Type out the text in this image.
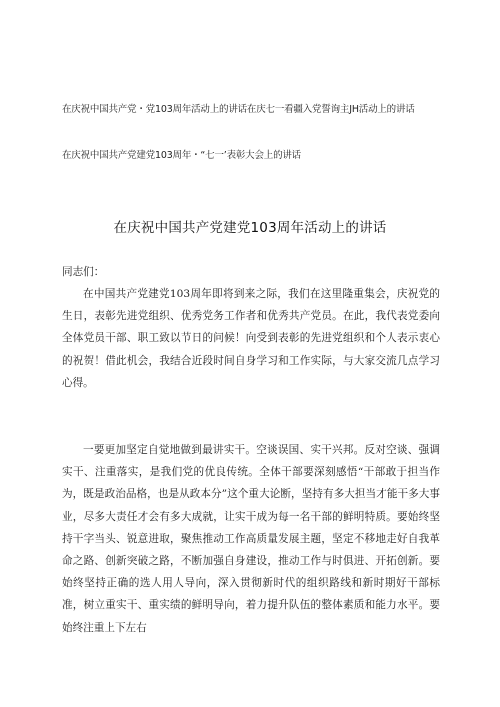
在庆祝中国共产党・党103周年活动上的讲话在庆七一看疆入党誓询主JH活动上的讲话
在庆祝中国共产党建党103周年・“七一’表彰大会上的讲话
在庆祝中国共产党建党103周年活动上的讲话
同志们：
在中国共产党建党103周年即将到来之际，我们在这里隆重集会，庆祝党的生日，表彰先进党组织、优秀党务工作者和优秀共产党员。在此，我代表党委向全体党员干部、职工致以节日的问候！向受到表彰的先进党组织和个人表示衷心的祝贺！借此机会，我结合近段时间自身学习和工作实际，与大家交流几点学习心得。
一要更加坚定自觉地做到最讲实干。空谈误国、实干兴邦。反对空谈、强调实干、注重落实，是我们党的优良传统。全体干部要深刻感悟“干部敢于担当作为，既是政治品格，也是从政本分”这个重大论断，坚持有多大担当才能干多大事业，尽多大责任才会有多大成就，让实干成为每一名干部的鲜明特质。要始终坚持干字当头、锐意进取，聚焦推动工作高质量发展主题，坚定不移地走好自我革命之路、创新突破之路，不断加强自身建设，推动工作与时俱进、开拓创新。要始终坚持正确的选人用人导向，深入贯彻新时代的组织路线和新时期好干部标准，树立重实干、重实绩的鲜明导向，着力提升队伍的整体素质和能力水平。要始终注重上下左右
